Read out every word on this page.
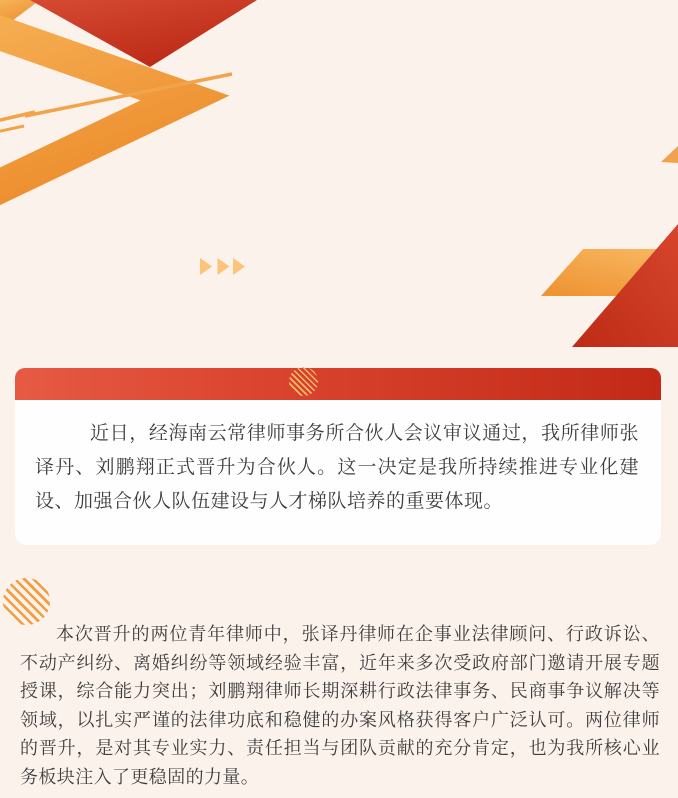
近日，经海南云常律师事务所合伙人会议审议通过，我所律师张译丹、刘鹏翔正式晋升为合伙人。这一决定是我所持续推进专业化建设、加强合伙人队伍建设与人才梯队培养的重要体现。

本次晋升的两位青年律师中，张译丹律师在企事业法律顾问、行政诉讼、不动产纠纷、离婚纠纷等领域经验丰富，近年来多次受政府部门邀请开展专题授课，综合能力突出；刘鹏翔律师长期深耕行政法律事务、民商事争议解决等领域，以扎实严谨的法律功底和稳健的办案风格获得客户广泛认可。两位律师的晋升，是对其专业实力、责任担当与团队贡献的充分肯定，也为我所核心业务板块注入了更稳固的力量。
